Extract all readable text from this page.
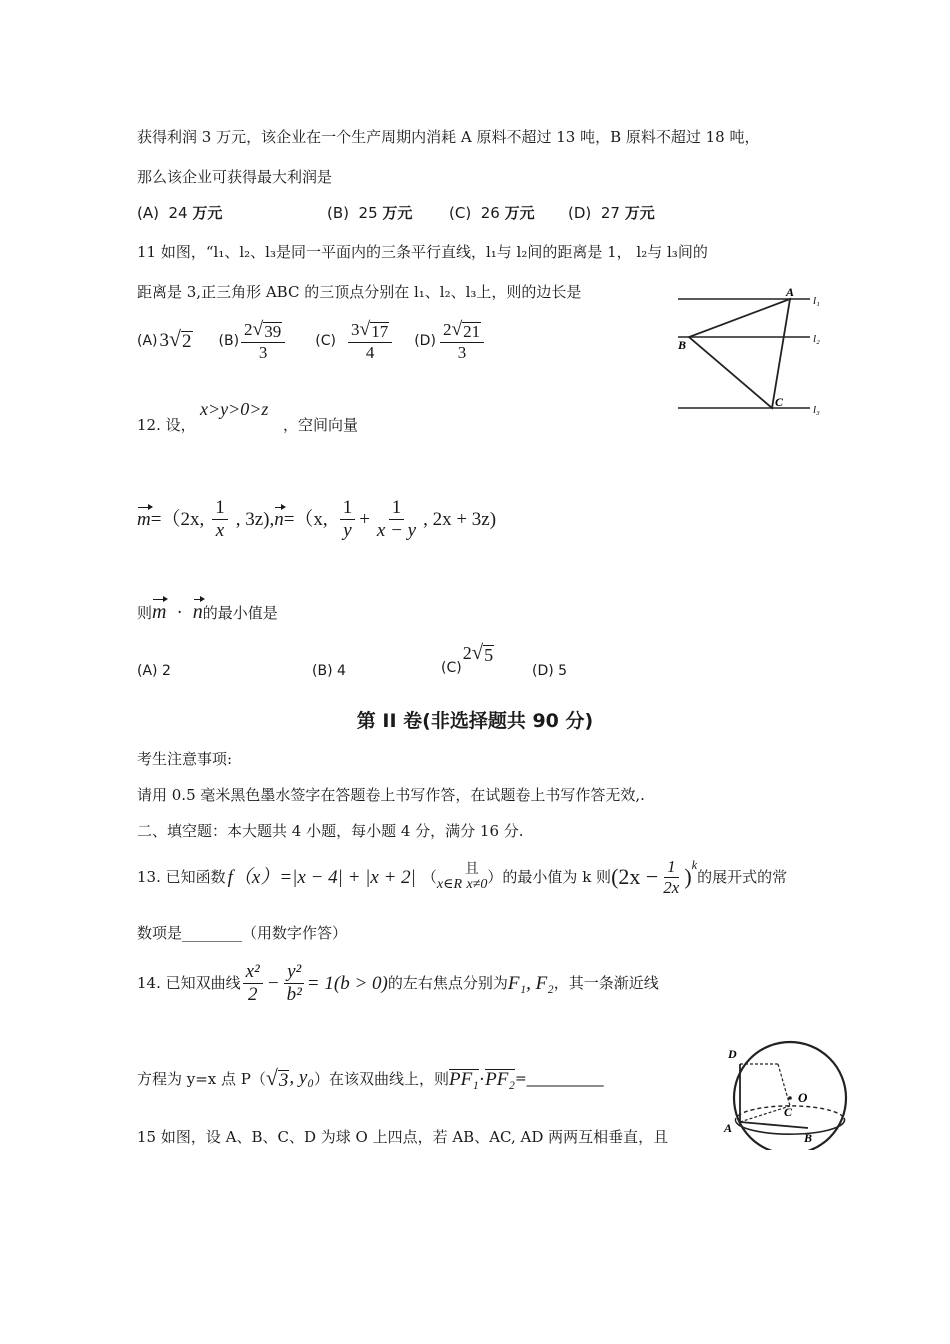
获得利润 3 万元，该企业在一个生产周期内消耗 A 原料不超过 13 吨，B 原料不超过 18 吨，
那么该企业可获得最大利润是
(A) 24 万元	(B) 25 万元 (C) 26 万元 (D) 27 万元
11 如图，“l₁、l₂、l₃是同一平面内的三条平行直线，l₁与 l₂间的距离是 1， l₂与 l₃间的
距离是 3,正三角形 ABC 的三顶点分别在 l₁、l₂、l₃上，则的边长是
(A) 3 √ 2 $(B) \frac{2 √ 39}{3} (C) \frac{3 √ 17}{4} (D) \frac{2 √ 21}{3}$
A
B
C
l₁
l₂
l₃
12. 设，
x>y>0>z
，空间向量
m =（2x, $\frac{1}{x}$ , 3z) , n =（x, $\frac{1}{y} + \frac{1}{x - y}$ , 2x + 3z)
则 m · n 的最小值是
(A) 2	(B) 4	(C)
2 √ 5
(D) 5
第 II 卷(非选择题共 90 分)
考生注意事项:
请用 0.5 毫米黑色墨水签字在答题卷上书写作答，在试题卷上书写作答无效,.
二、填空题：本大题共 4 小题，每小题 4 分，满分 16 分.
13. 已知函数 f（x）=|x − 4| + |x + 2| （	且
x∈R x≠0 ） 的最小值为 k 则 $(2x - \frac{1}{2x} )^k$
的展开式的常
数项是________（用数字作答）
14. 已知双曲线 $\frac{\text{x²}}{2} - \frac{\text{y²}}{\text{b²}} = 1(b > 0)$ 的左右焦点分别为 F₁, F₂ ，其一条渐近线
方程为 y=x 点 P（ √ 3 , y₀ ）在该双曲线上，则 PF₁ · PF₂ =___________
15 如图，设 A、B、C、D 为球 O 上四点，若 AB、AC, AD 两两互相垂直，且
D
O
C
A
B
